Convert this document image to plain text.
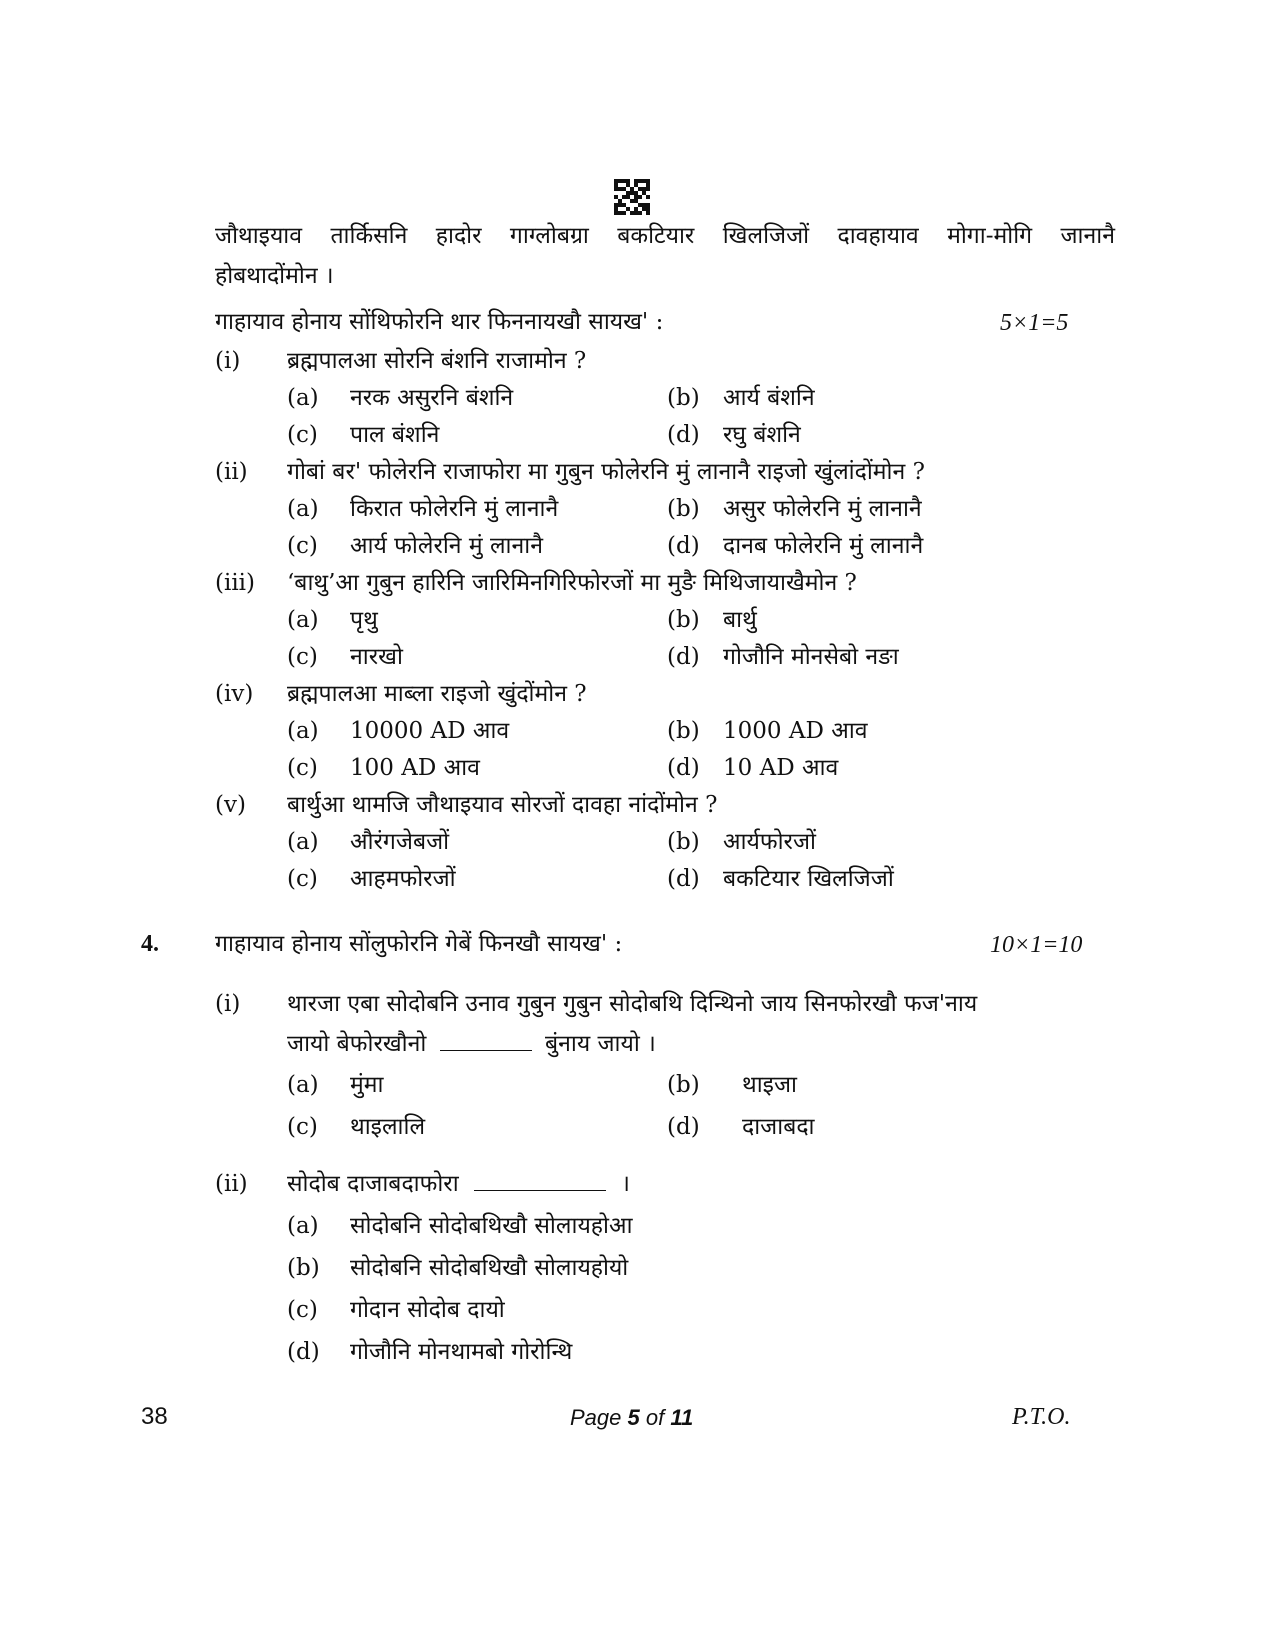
जौथाइयाव तार्किसनि हादोर गाग्लोबग्रा बकटियार खिलजिजों दावहायाव मोगा-मोगि जानानै
होबथादोंमोन ।
गाहायाव होनाय सोंथिफोरनि थार फिननायखौ सायख' :	5×1=5
(i) ब्रह्मपालआ सोरनि बंशनि राजामोन ?
(a) नरक असुरनि बंशनि	(b) आर्य बंशनि
(c) पाल बंशनि	(d) रघु बंशनि
(ii) गोबां बर' फोलेरनि राजाफोरा मा गुबुन फोलेरनि मुं लानानै राइजो खुंलांदोंमोन ?
(a) किरात फोलेरनि मुं लानानै	(b) असुर फोलेरनि मुं लानानै
(c) आर्य फोलेरनि मुं लानानै	(d) दानब फोलेरनि मुं लानानै
(iii) ‘बाथु’आ गुबुन हारिनि जारिमिनगिरिफोरजों मा मुङै मिथिजायाखैमोन ?
(a) पृथु	(b) बार्थु
(c) नारखो	(d) गोजौनि मोनसेबो नङा
(iv) ब्रह्मपालआ माब्ला राइजो खुंदोंमोन ?
(a) 10000 AD आव	(b) 1000 AD आव
(c) 100 AD आव	(d) 10 AD आव
(v) बार्थुआ थामजि जौथाइयाव सोरजों दावहा नांदोंमोन ?
(a) औरंगजेबजों	(b) आर्यफोरजों
(c) आहमफोरजों	(d) बकटियार खिलजिजों
4. गाहायाव होनाय सोंलुफोरनि गेबें फिनखौ सायख' :	10×1=10
(i) थारजा एबा सोदोबनि उनाव गुबुन गुबुन सोदोबथि दिन्थिनो जाय सिनफोरखौ फज'नाय
जायो बेफोरखौनो	बुंनाय जायो ।
(a) मुंमा	(b) थाइजा
(c) थाइलालि	(d) दाजाबदा
(ii) सोदोब दाजाबदाफोरा	।
(a) सोदोबनि सोदोबथिखौ सोलायहोआ
(b) सोदोबनि सोदोबथिखौ सोलायहोयो
(c) गोदान सोदोब दायो
(d) गोजौनि मोनथामबो गोरोन्थि
38	Page 5 of 11	P.T.O.
